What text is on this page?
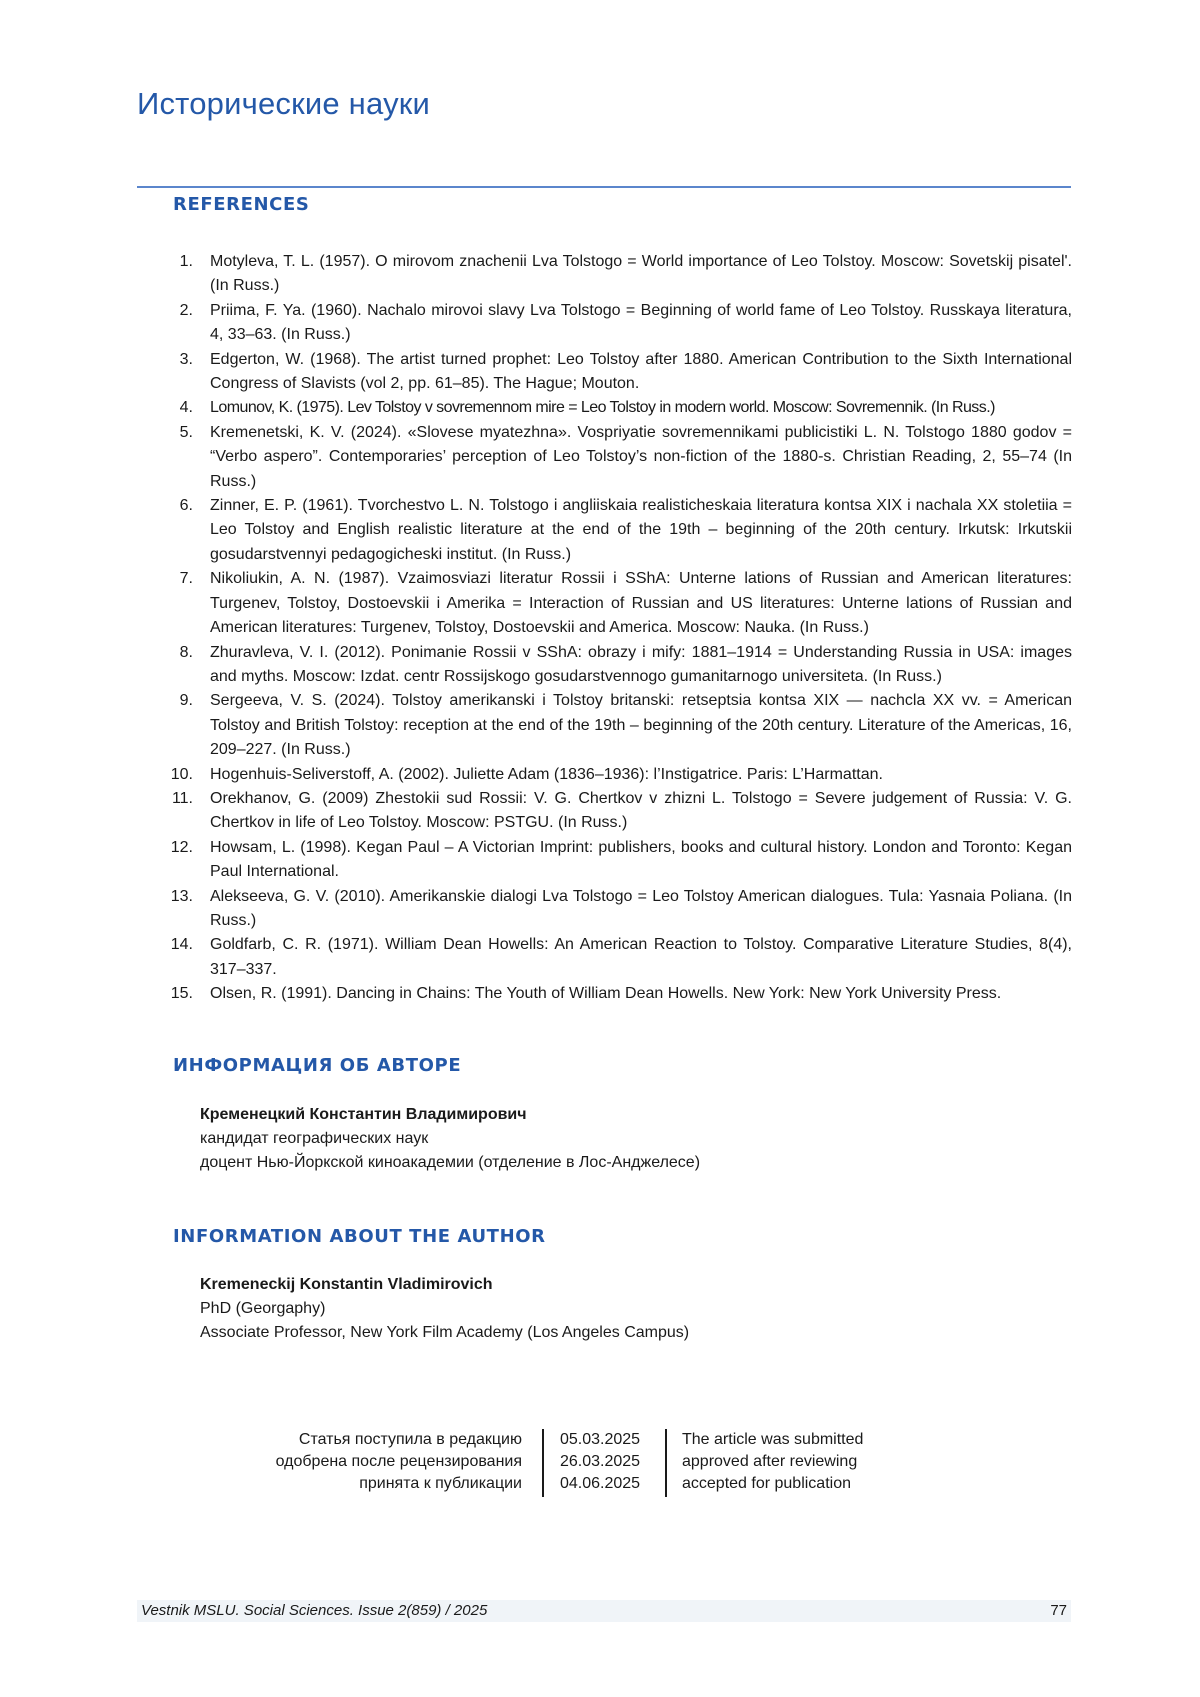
Исторические науки
REFERENCES
1. Motyleva, T. L. (1957). O mirovom znachenii Lva Tolstogo = World importance of Leo Tolstoy. Moscow: Sovetskij pisatel'. (In Russ.)
2. Priima, F. Ya. (1960). Nachalo mirovoi slavy Lva Tolstogo = Beginning of world fame of Leo Tolstoy. Russkaya literatura, 4, 33–63. (In Russ.)
3. Edgerton, W. (1968). The artist turned prophet: Leo Tolstoy after 1880. American Contribution to the Sixth International Congress of Slavists (vol 2, pp. 61–85). The Hague; Mouton.
4. Lomunov, K. (1975). Lev Tolstoy v sovremennom mire = Leo Tolstoy in modern world. Moscow: Sovremennik. (In Russ.)
5. Kremenetski, K. V. (2024). «Slovese myatezhna». Vospriyatie sovremennikami publicistiki L. N. Tolstogo 1880 godov = “Verbo aspero”. Contemporaries’ perception of Leo Tolstoy’s non-fiction of the 1880-s. Christian Reading, 2, 55–74 (In Russ.)
6. Zinner, E. P. (1961). Tvorchestvo L. N. Tolstogo i angliiskaia realisticheskaia literatura kontsa XIX i nachala XX stoletiia = Leo Tolstoy and English realistic literature at the end of the 19th – beginning of the 20th century. Irkutsk: Irkutskii gosudarstvennyi pedagogicheski institut. (In Russ.)
7. Nikoliukin, A. N. (1987). Vzaimosviazi literatur Rossii i SShA: Unterne lations of Russian and American literatures: Turgenev, Tolstoy, Dostoevskii i Amerika = Interaction of Russian and US literatures: Unterne lations of Russian and American literatures: Turgenev, Tolstoy, Dostoevskii and America. Moscow: Nauka. (In Russ.)
8. Zhuravleva, V. I. (2012). Ponimanie Rossii v SShA: obrazy i mify: 1881–1914 = Understanding Russia in USA: images and myths. Moscow: Izdat. centr Rossijskogo gosudarstvennogo gumanitarnogo universiteta. (In Russ.)
9. Sergeeva, V. S. (2024). Tolstoy amerikanski i Tolstoy britanski: retseptsia kontsa XIX — nachcla XX vv. = American Tolstoy and British Tolstoy: reception at the end of the 19th – beginning of the 20th century. Literature of the Americas, 16, 209–227. (In Russ.)
10. Hogenhuis-Seliverstoff, A. (2002). Juliette Adam (1836–1936): l’Instigatrice. Paris: L’Harmattan.
11. Orekhanov, G. (2009) Zhestokii sud Rossii: V. G. Chertkov v zhizni L. Tolstogo = Severe judgement of Russia: V. G. Chertkov in life of Leo Tolstoy. Moscow: PSTGU. (In Russ.)
12. Howsam, L. (1998). Kegan Paul – A Victorian Imprint: publishers, books and cultural history. London and Toronto: Kegan Paul International.
13. Alekseeva, G. V. (2010). Amerikanskie dialogi Lva Tolstogo = Leo Tolstoy American dialogues. Tula: Yasnaia Poliana. (In Russ.)
14. Goldfarb, C. R. (1971). William Dean Howells: An American Reaction to Tolstoy. Comparative Literature Studies, 8(4), 317–337.
15. Olsen, R. (1991). Dancing in Chains: The Youth of William Dean Howells. New York: New York University Press.
ИНФОРМАЦИЯ ОБ АВТОРЕ
Кременецкий Константин Владимирович
кандидат географических наук
доцент Нью-Йоркской киноакадемии (отделение в Лос-Анджелесе)
INFORMATION ABOUT THE AUTHOR
Kremeneckij Konstantin Vladimirovich
PhD (Georgaphy)
Associate Professor, New York Film Academy (Los Angeles Campus)
Статья поступила в редакцию
одобрена после рецензирования
принята к публикации
05.03.2025
26.03.2025
04.06.2025
The article was submitted
approved after reviewing
accepted for publication
Vestnik MSLU. Social Sciences. Issue 2(859) / 2025	77
